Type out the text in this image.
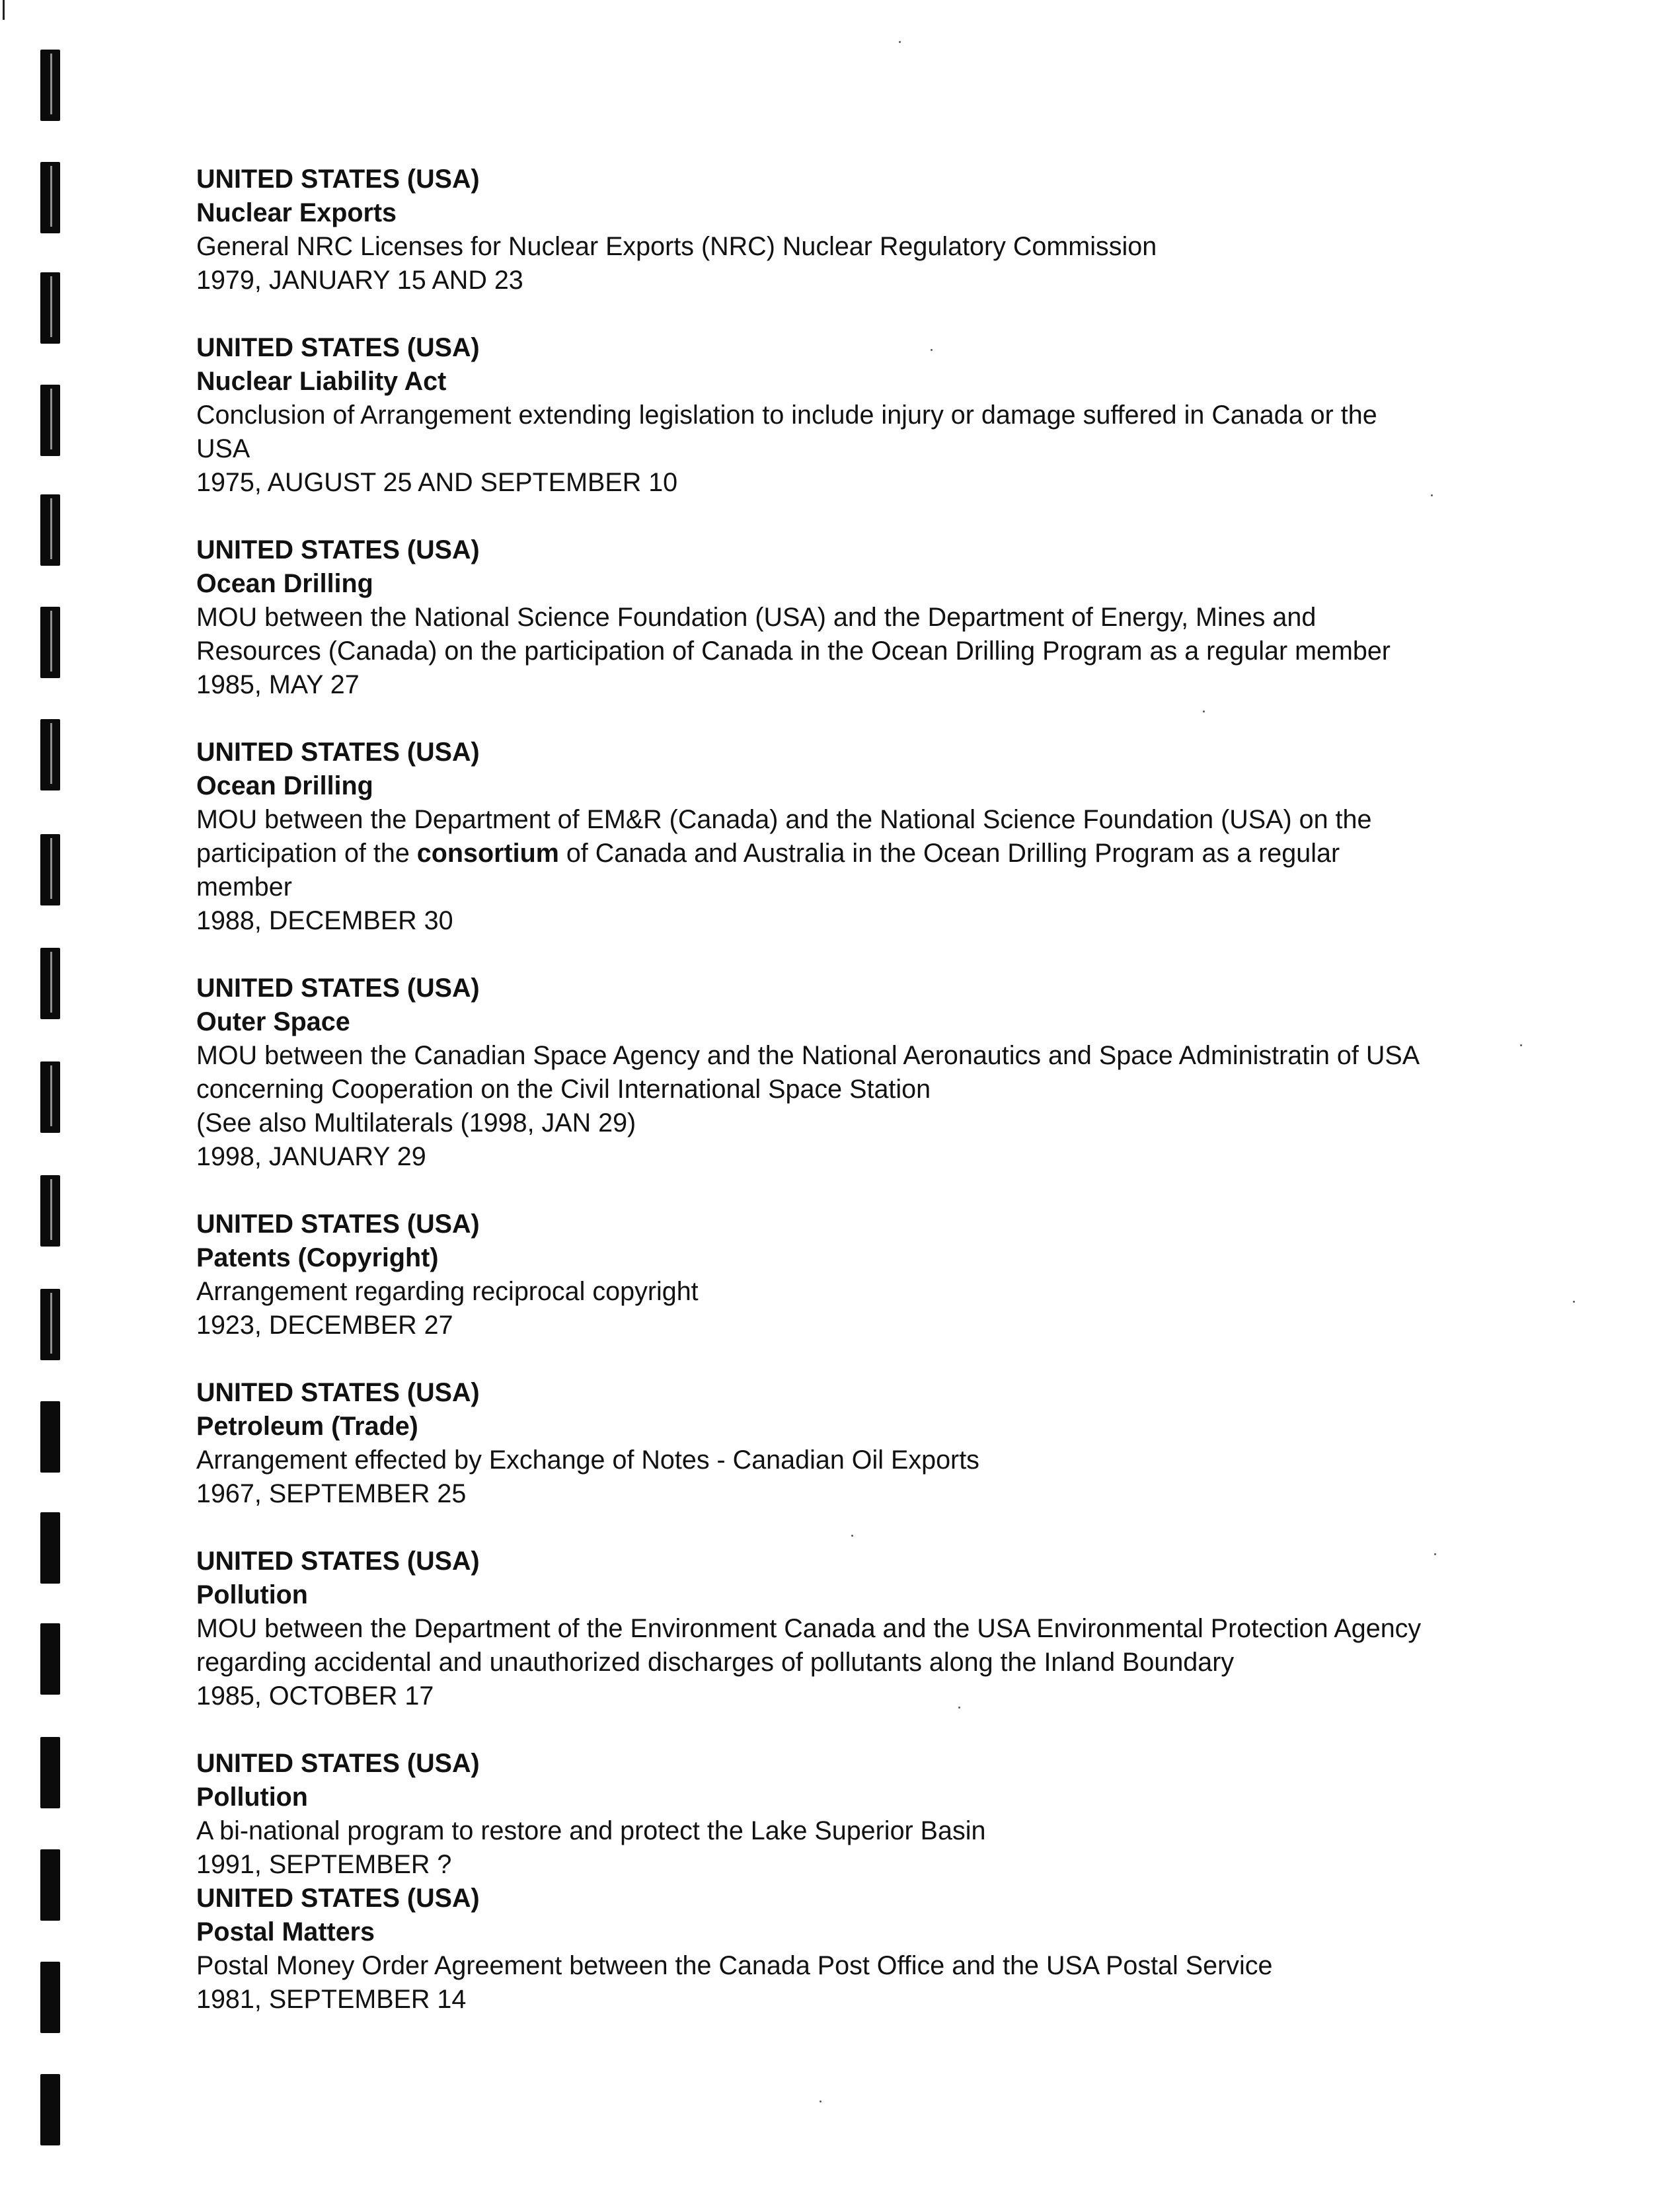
UNITED STATES (USA)
Nuclear Exports
General NRC Licenses for Nuclear Exports (NRC) Nuclear Regulatory Commission
1979, JANUARY 15 AND 23
UNITED STATES (USA)
Nuclear Liability Act
Conclusion of Arrangement extending legislation to include injury or damage suffered in Canada or the
USA
1975, AUGUST 25 AND SEPTEMBER 10
UNITED STATES (USA)
Ocean Drilling
MOU between the National Science Foundation (USA) and the Department of Energy, Mines and
Resources (Canada) on the participation of Canada in the Ocean Drilling Program as a regular member
1985, MAY 27
UNITED STATES (USA)
Ocean Drilling
MOU between the Department of EM&R (Canada) and the National Science Foundation (USA) on the
participation of the consortium of Canada and Australia in the Ocean Drilling Program as a regular
member
1988, DECEMBER 30
UNITED STATES (USA)
Outer Space
MOU between the Canadian Space Agency and the National Aeronautics and Space Administratin of USA
concerning Cooperation on the Civil International Space Station
(See also Multilaterals (1998, JAN 29)
1998, JANUARY 29
UNITED STATES (USA)
Patents (Copyright)
Arrangement regarding reciprocal copyright
1923, DECEMBER 27
UNITED STATES (USA)
Petroleum (Trade)
Arrangement effected by Exchange of Notes - Canadian Oil Exports
1967, SEPTEMBER 25
UNITED STATES (USA)
Pollution
MOU between the Department of the Environment Canada and the USA Environmental Protection Agency
regarding accidental and unauthorized discharges of pollutants along the Inland Boundary
1985, OCTOBER 17
UNITED STATES (USA)
Pollution
A bi-national program to restore and protect the Lake Superior Basin
1991, SEPTEMBER ?
UNITED STATES (USA)
Postal Matters
Postal Money Order Agreement between the Canada Post Office and the USA Postal Service
1981, SEPTEMBER 14
